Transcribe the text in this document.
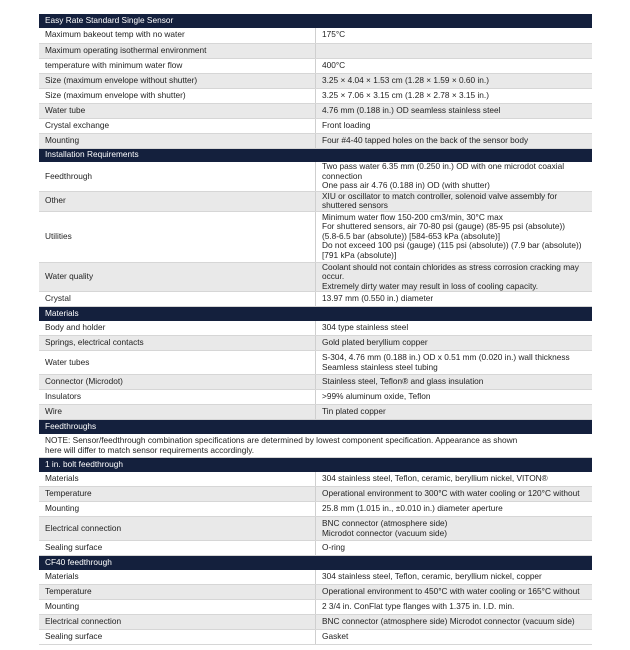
Easy Rate Standard Single Sensor	
Maximum bakeout temp with no water	175°C
Maximum operating isothermal environment	
temperature with minimum water flow	400°C
Size (maximum envelope without shutter)	3.25 × 4.04 × 1.53 cm (1.28 × 1.59 × 0.60 in.)
Size (maximum envelope with shutter)	3.25 × 7.06 × 3.15 cm (1.28 × 2.78 × 3.15 in.)
Water tube	4.76 mm (0.188 in.) OD seamless stainless steel
Crystal exchange	Front loading
Mounting	Four #4-40 tapped holes on the back of the sensor body
Installation Requirements	
Feedthrough	Two pass water 6.35 mm (0.250 in.) OD with one microdot coaxial connection
One pass air 4.76 (0.188 in) OD (with shutter)
Other	XIU or oscillator to match controller, solenoid valve assembly for shuttered sensors
Utilities	Minimum water flow 150-200 cm3/min, 30°C max
For shuttered sensors, air 70-80 psi (gauge) (85-95 psi (absolute))
(5.8-6.5 bar (absolute)) [584-653 kPa (absolute)]
Do not exceed 100 psi (gauge) (115 psi (absolute)) (7.9 bar (absolute))
[791 kPa (absolute)]
Water quality	Coolant should not contain chlorides as stress corrosion cracking may occur.
Extremely dirty water may result in loss of cooling capacity.
Crystal	13.97 mm (0.550 in.) diameter
Materials	
Body and holder	304 type stainless steel
Springs, electrical contacts	Gold plated beryllium copper
Water tubes	S-304, 4.76 mm (0.188 in.) OD x 0.51 mm (0.020 in.) wall thickness
Seamless stainless steel tubing
Connector (Microdot)	Stainless steel, Teflon® and glass insulation
Insulators	>99% aluminum oxide, Teflon
Wire	Tin plated copper
Feedthroughs	
NOTE: Sensor/feedthrough combination specifications are determined by lowest component specification. Appearance as shown
here will differ to match sensor requirements accordingly.	
1 in. bolt feedthrough	
Materials	304 stainless steel, Teflon, ceramic, beryllium nickel, VITON®
Temperature	Operational environment to 300°C with water cooling or 120°C without
Mounting	25.8 mm (1.015 in., ±0.010 in.) diameter aperture
Electrical connection	BNC connector (atmosphere side)
Microdot connector (vacuum side)
Sealing surface	O-ring
CF40 feedthrough	
Materials	304 stainless steel, Teflon, ceramic, beryllium nickel, copper
Temperature	Operational environment to 450°C with water cooling or 165°C without
Mounting	2 3/4 in. ConFlat type flanges with 1.375 in. I.D. min.
Electrical connection	BNC connector (atmosphere side) Microdot connector (vacuum side)
Sealing surface	Gasket
